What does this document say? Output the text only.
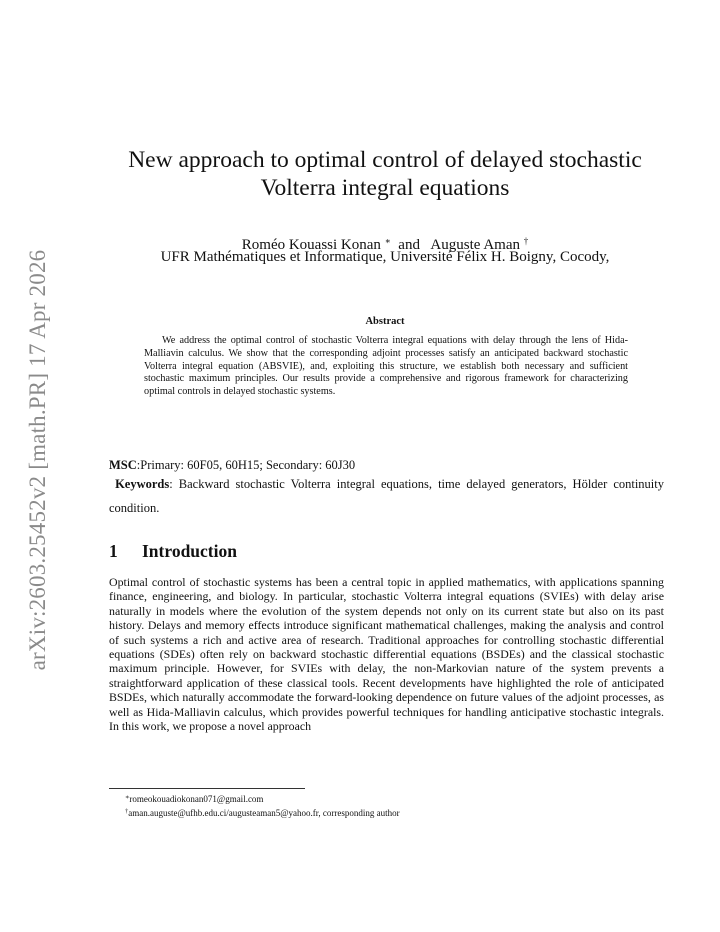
arXiv:2603.25452v2 [math.PR] 17 Apr 2026
New approach to optimal control of delayed stochastic Volterra integral equations
Roméo Kouassi Konan ∗ and Auguste Aman †
UFR Mathématiques et Informatique, Université Félix H. Boigny, Cocody,
Abstract
We address the optimal control of stochastic Volterra integral equations with delay through the lens of Hida-Malliavin calculus. We show that the corresponding adjoint processes satisfy an anticipated backward stochastic Volterra integral equation (ABSVIE), and, exploiting this structure, we establish both necessary and sufficient stochastic maximum principles. Our results provide a comprehensive and rigorous framework for characterizing optimal controls in delayed stochastic systems.
MSC:Primary: 60F05, 60H15; Secondary: 60J30
Keywords: Backward stochastic Volterra integral equations, time delayed generators, Hölder continuity condition.
1 Introduction
Optimal control of stochastic systems has been a central topic in applied mathematics, with applications spanning finance, engineering, and biology. In particular, stochastic Volterra integral equations (SVIEs) with delay arise naturally in models where the evolution of the system depends not only on its current state but also on its past history. Delays and memory effects introduce significant mathematical challenges, making the analysis and control of such systems a rich and active area of research. Traditional approaches for controlling stochastic differential equations (SDEs) often rely on backward stochastic differential equations (BSDEs) and the classical stochastic maximum principle. However, for SVIEs with delay, the non-Markovian nature of the system prevents a straightforward application of these classical tools. Recent developments have highlighted the role of anticipated BSDEs, which naturally accommodate the forward-looking dependence on future values of the adjoint processes, as well as Hida-Malliavin calculus, which provides powerful techniques for handling anticipative stochastic integrals. In this work, we propose a novel approach
∗romeokouadiokonan071@gmail.com
†aman.auguste@ufhb.edu.ci/augusteaman5@yahoo.fr, corresponding author
